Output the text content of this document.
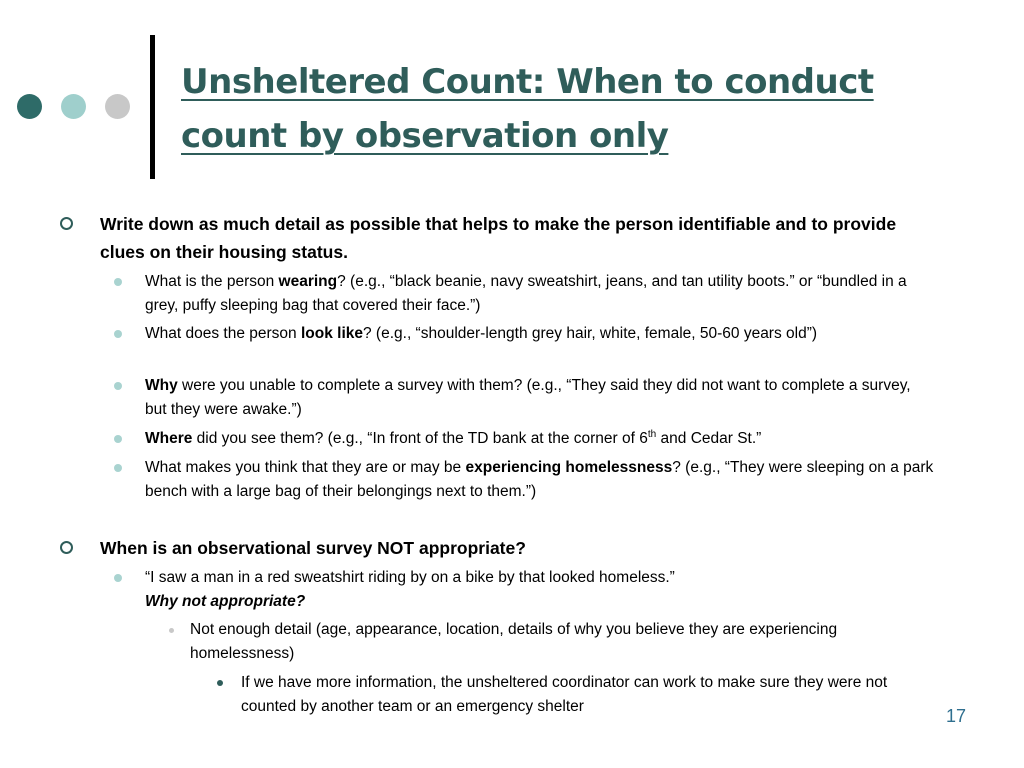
Unsheltered Count: When to conduct
count by observation only
Write down as much detail as possible that helps to make the person identifiable and to provide clues on their housing status.
What is the person wearing? (e.g., “black beanie, navy sweatshirt, jeans, and tan utility boots.” or “bundled in a grey, puffy sleeping bag that covered their face.”)
What does the person look like? (e.g., “shoulder-length grey hair, white, female, 50-60 years old”)
Why were you unable to complete a survey with them? (e.g., “They said they did not want to complete a survey, but they were awake.”)
Where did you see them? (e.g., “In front of the TD bank at the corner of 6th and Cedar St.”
What makes you think that they are or may be experiencing homelessness? (e.g., “They were sleeping on a park bench with a large bag of their belongings next to them.”)
When is an observational survey NOT appropriate?
“I saw a man in a red sweatshirt riding by on a bike by that looked homeless.”
Why not appropriate?
Not enough detail (age, appearance, location, details of why you believe they are experiencing homelessness)
If we have more information, the unsheltered coordinator can work to make sure they were not counted by another team or an emergency shelter	17
